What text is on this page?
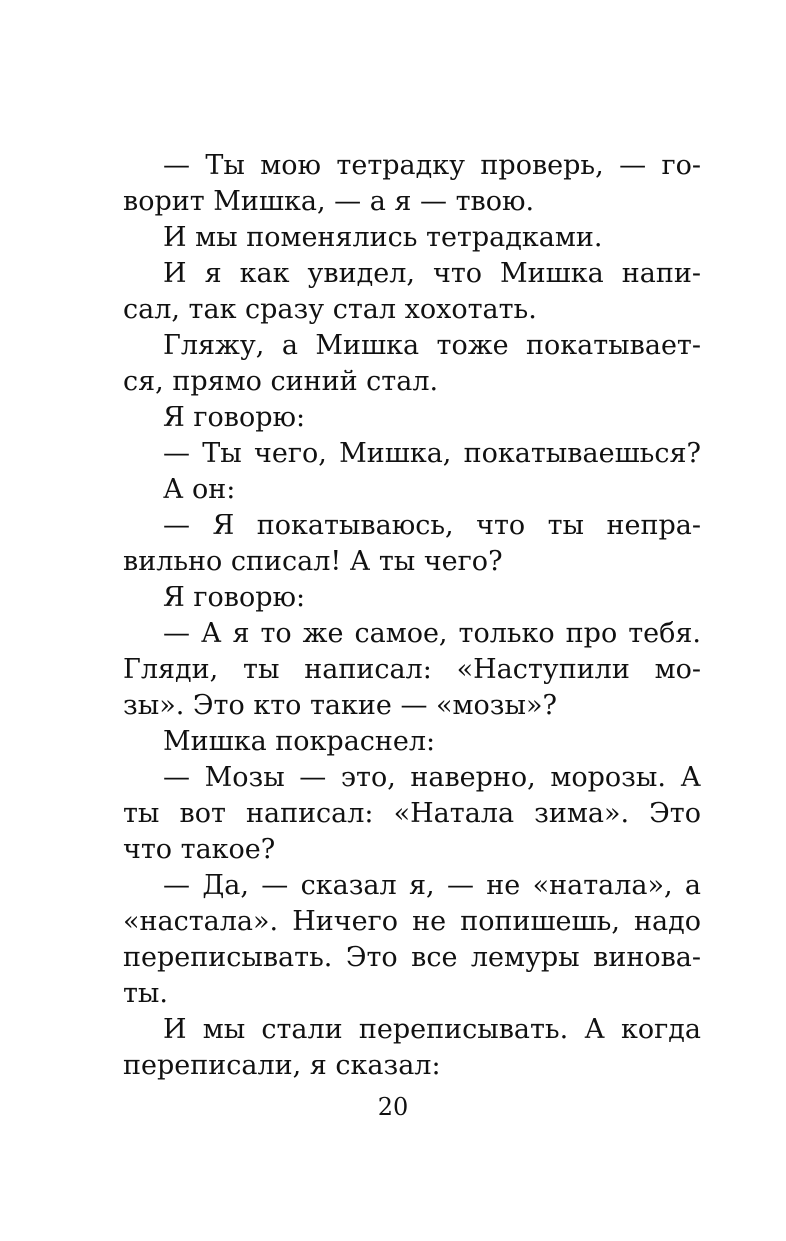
— Ты мою тетрадку проверь, — го-
ворит Мишка, — а я — твою.
И мы поменялись тетрадками.
И я как увидел, что Мишка напи-
сал, так сразу стал хохотать.
Гляжу, а Мишка тоже покатывает-
ся, прямо синий стал.
Я говорю:
— Ты чего, Мишка, покатываешься?
А он:
— Я покатываюсь, что ты непра-
вильно списал! А ты чего?
Я говорю:
— А я то же самое, только про тебя.
Гляди, ты написал: «Наступили мо-
зы». Это кто такие — «мозы»?
Мишка покраснел:
— Мозы — это, наверно, морозы. А
ты вот написал: «Натала зима». Это
что такое?
— Да, — сказал я, — не «натала», а
«настала». Ничего не попишешь, надо
переписывать. Это все лемуры винова-
ты.
И мы стали переписывать. А когда
переписали, я сказал:
20
